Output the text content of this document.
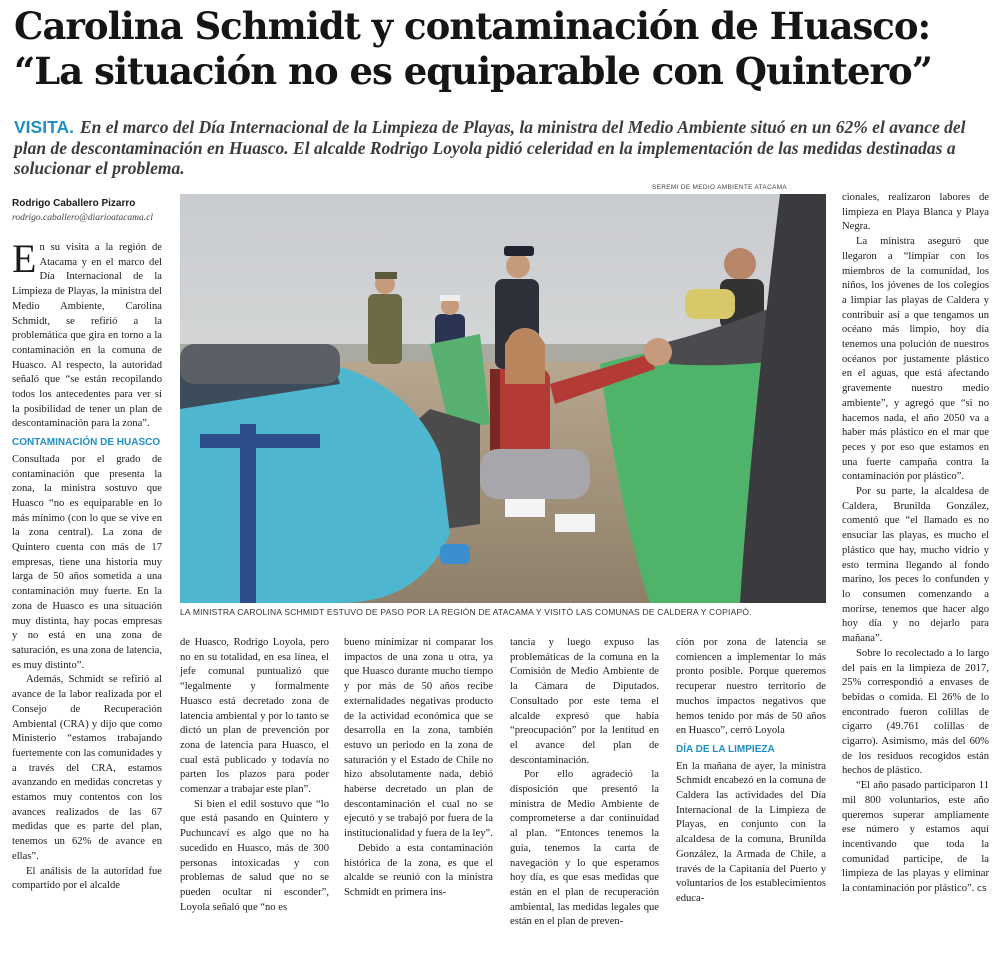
Carolina Schmidt y contaminación de Huasco:
“La situación no es equiparable con Quintero”
VISITA. En el marco del Día Internacional de la Limpieza de Playas, la ministra del Medio Ambiente situó en un 62% el avance del plan de descontaminación en Huasco. El alcalde Rodrigo Loyola pidió celeridad en la implementación de las medidas destinadas a solucionar el problema.
Rodrigo Caballero Pizarro
rodrigo.caballero@diarioatacama.cl
SEREMI DE MEDIO AMBIENTE ATACAMA
LA MINISTRA CAROLINA SCHMIDT ESTUVO DE PASO POR LA REGIÓN DE ATACAMA Y VISITÓ LAS COMUNAS DE CALDERA Y COPIAPÓ.

En su visita a la región de Atacama y en el marco del Día Internacional de la Limpieza de Playas, la ministra del Medio Ambiente, Carolina Schmidt, se refirió a la problemática que gira en torno a la contaminación en la comuna de Huasco. Al respecto, la autoridad señaló que “se están recopilando todos los antecedentes para ver si la posibilidad de tener un plan de descontaminación para la zona”.

CONTAMINACIÓN DE HUASCO

Consultada por el grado de contaminación que presenta la zona, la ministra sostuvo que Huasco “no es equiparable en lo más mínimo (con lo que se vive en la zona central). La zona de Quintero cuenta con más de 17 empresas, tiene una historia muy larga de 50 años sometida a una contaminación muy fuerte. En la zona de Huasco es una situación muy distinta, hay pocas empresas y no está en una zona de saturación, es una zona de latencia, es muy distinto”.

Además, Schmidt se refirió al avance de la labor realizada por el Consejo de Recuperación Ambiental (CRA) y dijo que como Ministerio “estamos trabajando fuertemente con las comunidades y a través del CRA, estamos avanzando en medidas concretas y estamos muy contentos con los avances realizados de las 67 medidas que es parte del plan, tenemos un 62% de avance en ellas”.

El análisis de la autoridad fue compartido por el alcalde

de Huasco, Rodrigo Loyola, pero no en su totalidad, en esa línea, el jefe comunal puntualizó que “legalmente y formalmente Huasco está decretado zona de latencia ambiental y por lo tanto se dictó un plan de prevención por zona de latencia para Huasco, el cual está publicado y todavía no parten los plazos para poder comenzar a trabajar este plan”.

Si bien el edil sostuvo que “lo que está pasando en Quintero y Puchuncaví es algo que no ha sucedido en Huasco, más de 300 personas intoxicadas y con problemas de salud que no se pueden ocultar ni esconder”, Loyola señaló que “no es

bueno minimizar ni comparar los impactos de una zona u otra, ya que Huasco durante mucho tiempo y por más de 50 años recibe externalidades negativas producto de la actividad económica que se desarrolla en la zona, también estuvo un periodo en la zona de saturación y el Estado de Chile no hizo absolutamente nada, debió haberse decretado un plan de descontaminación el cual no se ejecutó y se trabajó por fuera de la institucionalidad y fuera de la ley”.

Debido a esta contaminación histórica de la zona, es que el alcalde se reunió con la ministra Schmidt en primera ins-

tancia y luego expuso las problemáticas de la comuna en la Comisión de Medio Ambiente de la Cámara de Diputados. Consultado por este tema el alcalde expresó que había “preocupación” por la lentitud en el avance del plan de descontaminación.

Por ello agradeció la disposición que presentó la ministra de Medio Ambiente de comprometerse a dar continuidad al plan. “Entonces tenemos la guía, tenemos la carta de navegación y lo que esperamos hoy día, es que esas medidas que están en el plan de recuperación ambiental, las medidas legales que están en el plan de preven-

ción por zona de latencia se comiencen a implementar lo más pronto posible. Porque queremos recuperar nuestro territorio de muchos impactos negativos que hemos tenido por más de 50 años en Huasco”, cerró Loyola

DÍA DE LA LIMPIEZA

En la mañana de ayer, la ministra Schmidt encabezó en la comuna de Caldera las actividades del Día Internacional de la Limpieza de Playas, en conjunto con la alcaldesa de la comuna, Brunilda González, la Armada de Chile, a través de la Capitanía del Puerto y voluntarios de los establecimientos educa-

cionales, realizaron labores de limpieza en Playa Blanca y Playa Negra.

La ministra aseguró que llegaron a “limpiar con los miembros de la comunidad, los niños, los jóvenes de los colegios a limpiar las playas de Caldera y contribuir así a que tengamos un océano más limpio, hoy día tenemos una polución de nuestros océanos por justamente plástico en el aguas, que está afectando gravemente nuestro medio ambiente”, y agregó que “si no hacemos nada, el año 2050 va a haber más plástico en el mar que peces y por eso que estamos en una fuerte campaña contra la contaminación por plástico”.

Por su parte, la alcaldesa de Caldera, Brunilda González, comentó que “el llamado es no ensuciar las playas, es mucho el plástico que hay, mucho vidrio y esto termina llegando al fondo marino, los peces lo confunden y lo consumen comenzando a morirse, tenemos que hacer algo hoy día y no dejarlo para mañana”.

Sobre lo recolectado a lo largo del país en la limpieza de 2017, 25% correspondió a envases de bebidas o comida. El 26% de lo encontrado fueron colillas de cigarro (49.761 colillas de cigarro). Asimismo, más del 60% de los residuos recogidos están hechos de plástico.

“El año pasado participaron 11 mil 800 voluntarios, este año queremos superar ampliamente ese número y estamos aquí incentivando que toda la comunidad participe, de la limpieza de las playas y eliminar la contaminación por plástico”. cs
